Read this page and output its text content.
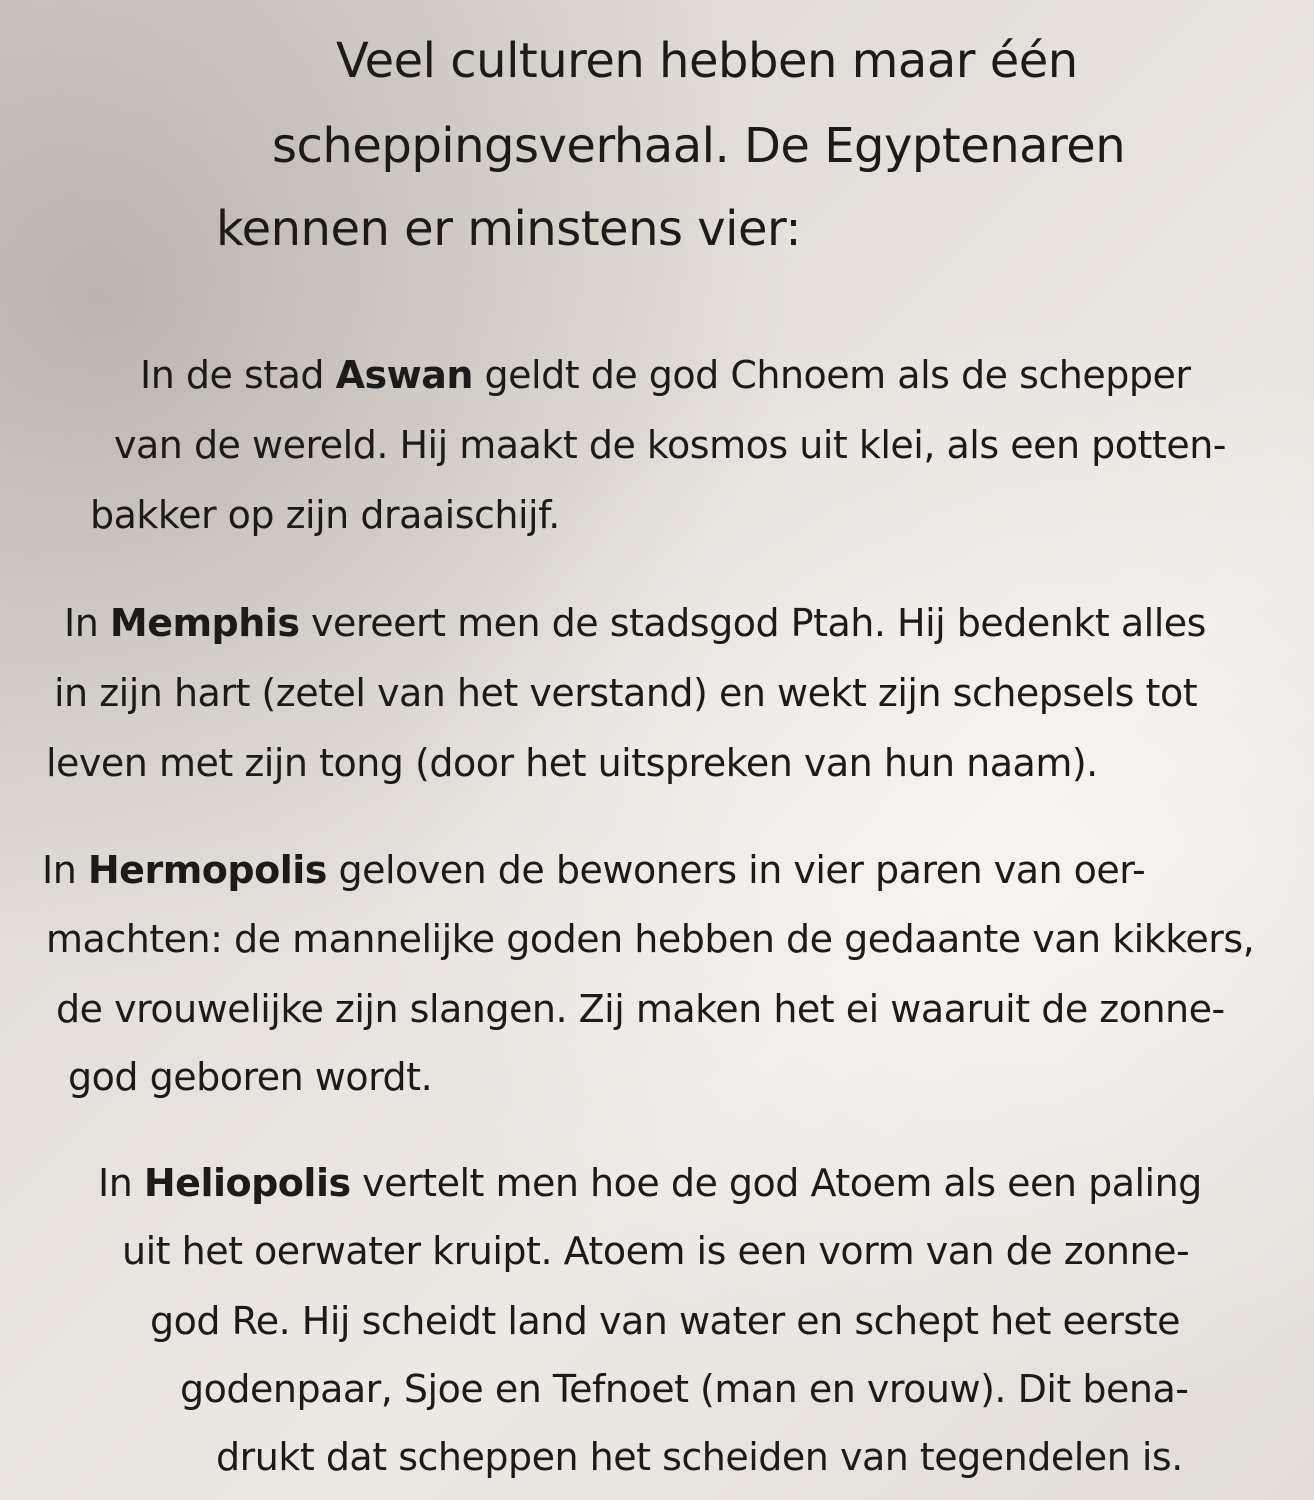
Veel culturen hebben maar één
scheppingsverhaal. De Egyptenaren
kennen er minstens vier:
In de stad Aswan geldt de god Chnoem als de schepper
van de wereld. Hij maakt de kosmos uit klei, als een potten-
bakker op zijn draaischijf.
In Memphis vereert men de stadsgod Ptah. Hij bedenkt alles
in zijn hart (zetel van het verstand) en wekt zijn schepsels tot
leven met zijn tong (door het uitspreken van hun naam).
In Hermopolis geloven de bewoners in vier paren van oer-
machten: de mannelijke goden hebben de gedaante van kikkers,
de vrouwelijke zijn slangen. Zij maken het ei waaruit de zonne-
god geboren wordt.
In Heliopolis vertelt men hoe de god Atoem als een paling
uit het oerwater kruipt. Atoem is een vorm van de zonne-
god Re. Hij scheidt land van water en schept het eerste
godenpaar, Sjoe en Tefnoet (man en vrouw). Dit bena-
drukt dat scheppen het scheiden van tegendelen is.
